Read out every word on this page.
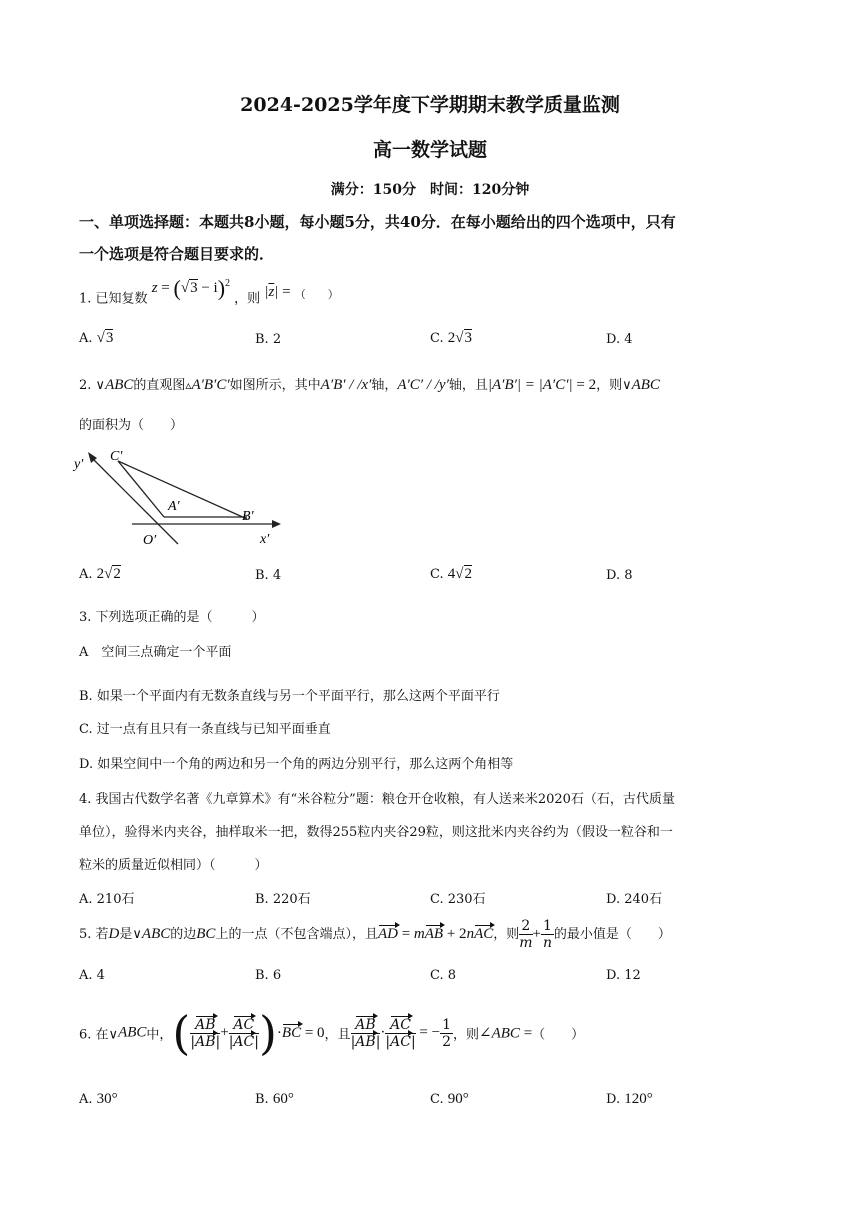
2024-2025学年度下学期期末教学质量监测
高一数学试题
满分：150分　时间：120分钟
一、单项选择题：本题共8小题，每小题5分，共40分．在每小题给出的四个选项中，只有
一个选项是符合题目要求的．
1. 已知复数 $z = (√3 - i)^2$ ，则 $|\overline{z}| = ^{( )}$
A. √3	B. 2	C. 2√3	D. 4
2. ∨ABC的直观图▵A′B′C′如图所示，其中A′B′ / /x′轴，A′C′ / /y′轴，且|A′B′| = |A′C′| = 2，则∨ABC
的面积为（　　）
y′
C′
A′
B′
O′	x′
A. 2√2	B. 4	C. 4√2	D. 8
3. 下列选项正确的是（　　　）
A　空间三点确定一个平面
B. 如果一个平面内有无数条直线与另一个平面平行，那么这两个平面平行
C. 过一点有且只有一条直线与已知平面垂直
D. 如果空间中一个角的两边和另一个角的两边分别平行，那么这两个角相等
4. 我国古代数学名著《九章算术》有“米谷粒分”题：粮仓开仓收粮，有人送来米2020石（石，古代质量
单位），验得米内夹谷，抽样取米一把，数得255粒内夹谷29粒，则这批米内夹谷约为（假设一粒谷和一
粒米的质量近似相同）（　　　）
A. 210石	B. 220石	C. 230石	D. 240石
5. 若D是∨ABC的边BC上的一点（不包含端点），且AD = mAB + 2nAC，则 $\frac{2}{m} + \frac{1}{n}$ 的最小值是（　　）
A. 4	B. 6	C. 8	D. 12
6. 在∨ABC中，( $\frac{AB}{|AB|} + \frac{AC}{|AC|} )\cdot BC = 0$，且 $\frac{AB}{|AB|} \cdot \frac{AC}{|AC|}$ = − $\frac{1}{2}$ ，则∠ABC =（　　）
A. 30°	B. 60°	C. 90°	D. 120°
